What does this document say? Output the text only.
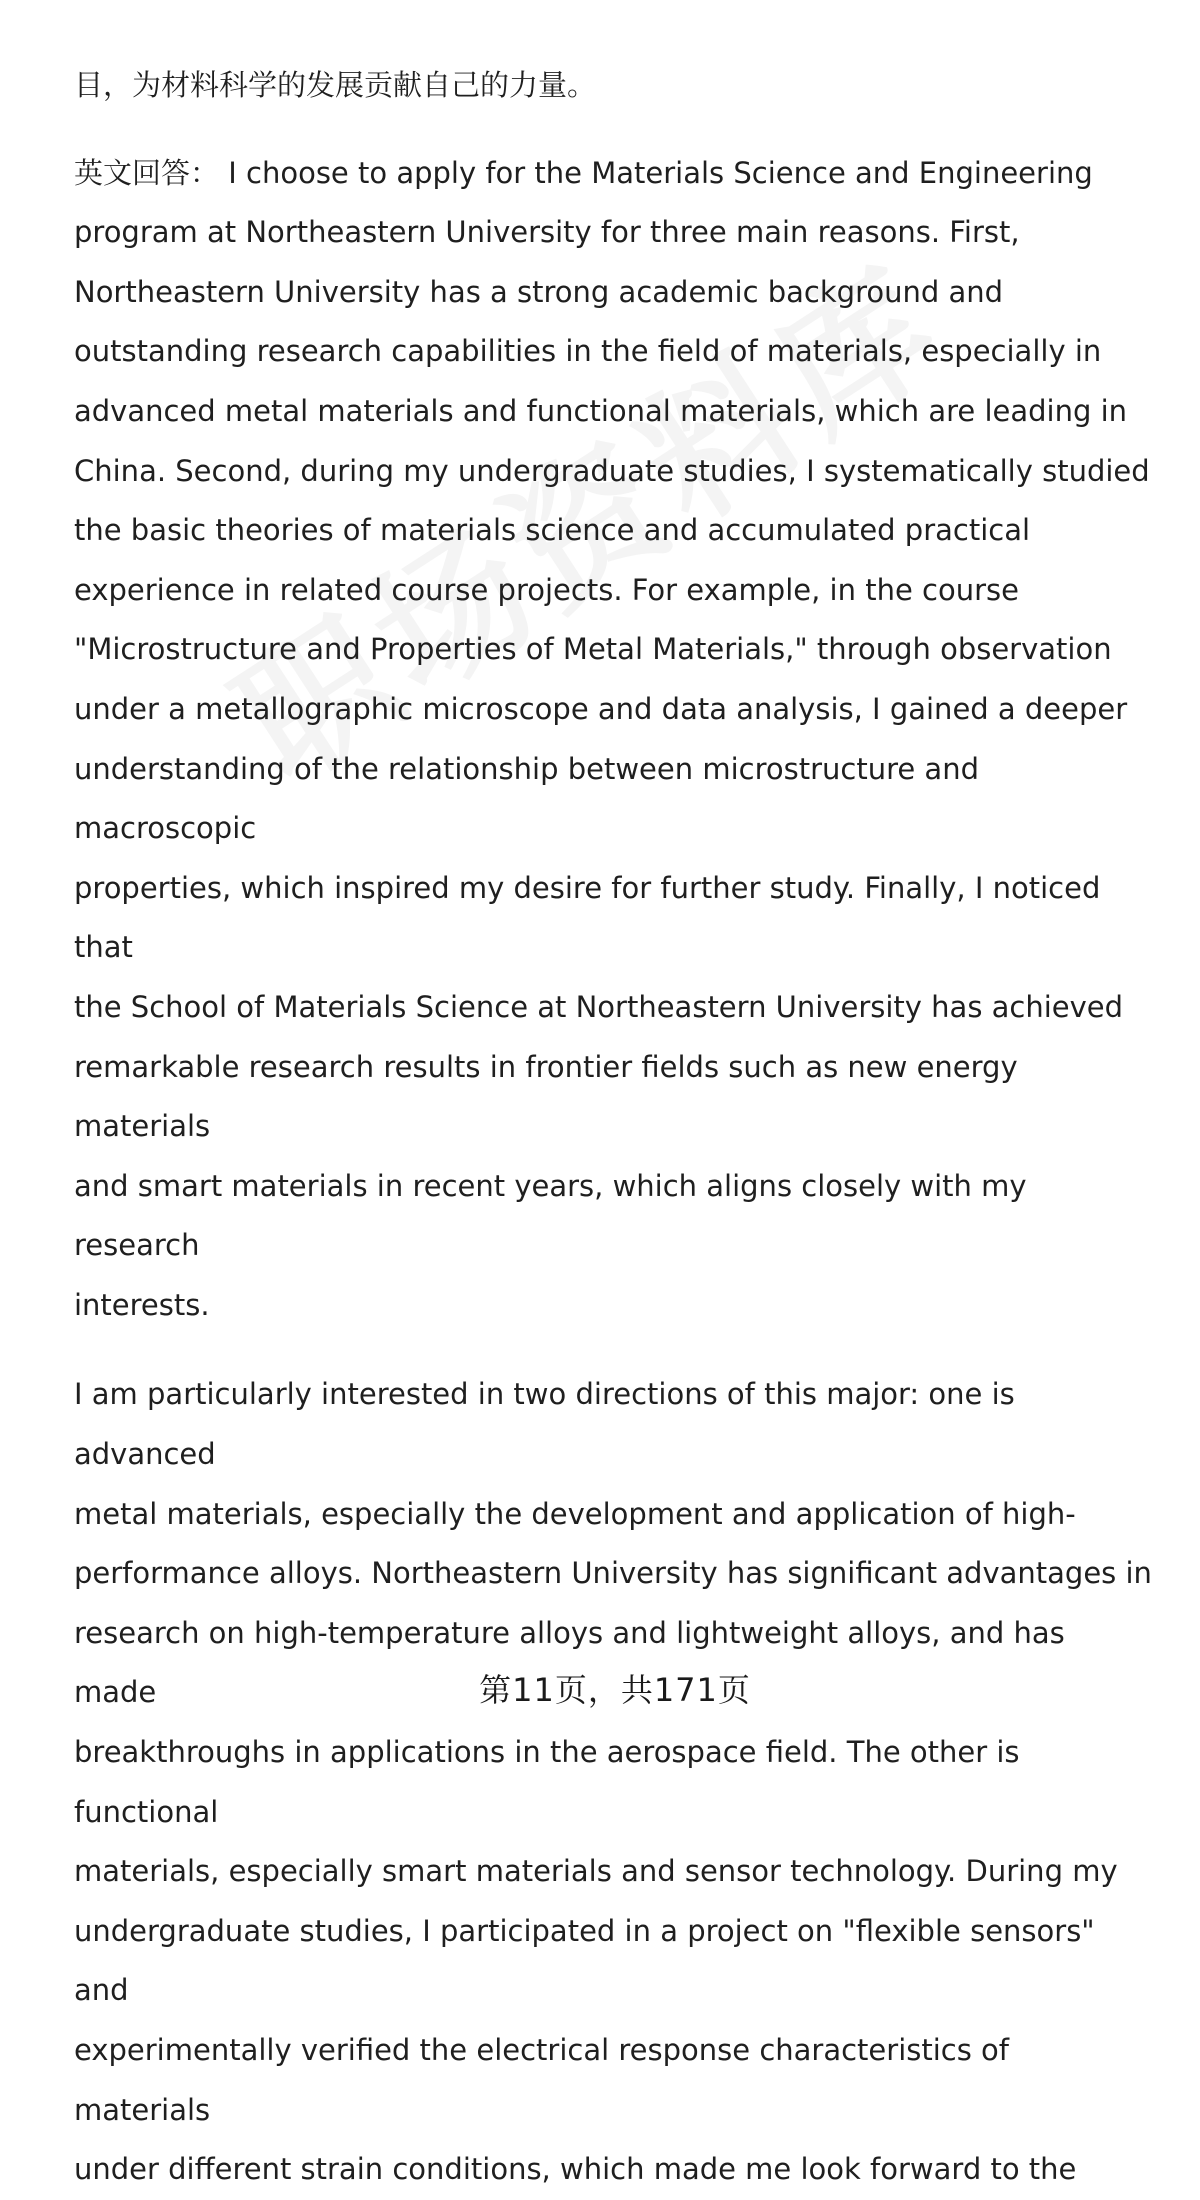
目，为材料科学的发展贡献自己的力量。

英文回答： I choose to apply for the Materials Science and Engineering
program at Northeastern University for three main reasons. First,
Northeastern University has a strong academic background and
outstanding research capabilities in the field of materials, especially in
advanced metal materials and functional materials, which are leading in
China. Second, during my undergraduate studies, I systematically studied
the basic theories of materials science and accumulated practical
experience in related course projects. For example, in the course
"Microstructure and Properties of Metal Materials," through observation
under a metallographic microscope and data analysis, I gained a deeper
understanding of the relationship between microstructure and macroscopic
properties, which inspired my desire for further study. Finally, I noticed that
the School of Materials Science at Northeastern University has achieved
remarkable research results in frontier fields such as new energy materials
and smart materials in recent years, which aligns closely with my research
interests.

I am particularly interested in two directions of this major: one is advanced
metal materials, especially the development and application of high-
performance alloys. Northeastern University has significant advantages in
research on high-temperature alloys and lightweight alloys, and has made
breakthroughs in applications in the aerospace field. The other is functional
materials, especially smart materials and sensor technology. During my
undergraduate studies, I participated in a project on "flexible sensors" and
experimentally verified the electrical response characteristics of materials
under different strain conditions, which made me look forward to the

第11页，共171页
